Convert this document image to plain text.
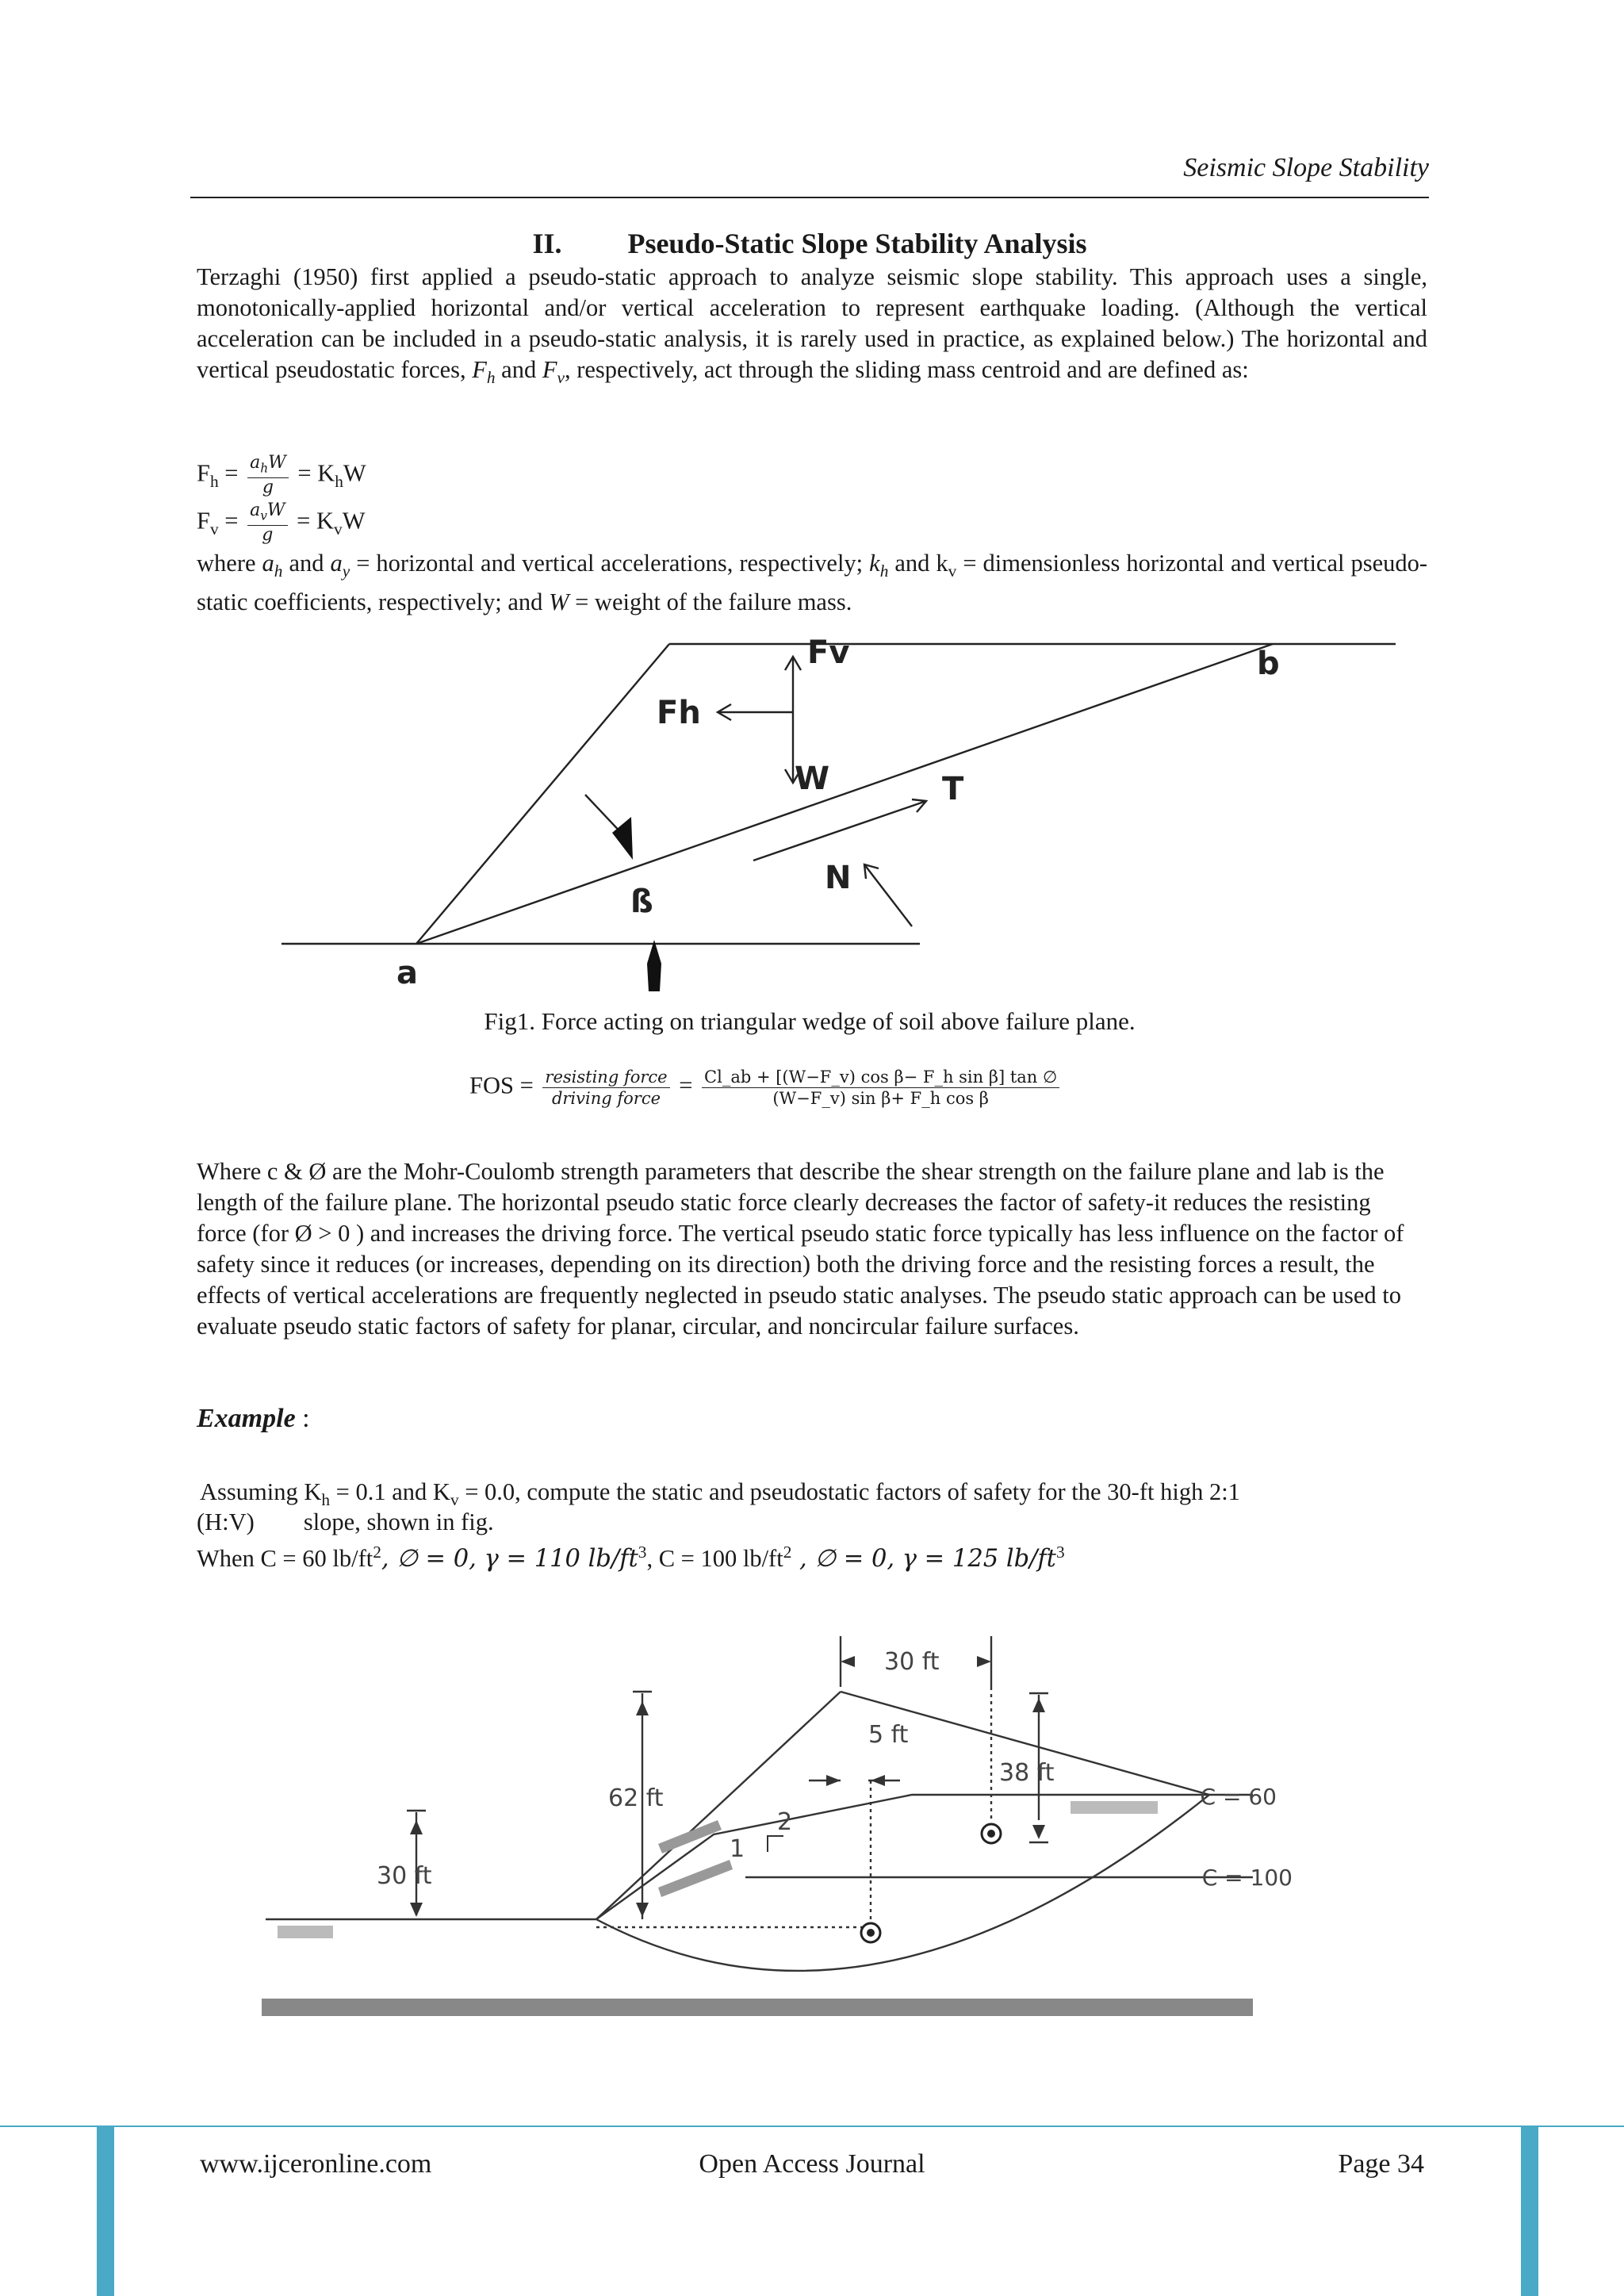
Seismic Slope Stability
II. Pseudo-Static Slope Stability Analysis
Terzaghi (1950) first applied a pseudo-static approach to analyze seismic slope stability. This approach uses a single, monotonically-applied horizontal and/or vertical acceleration to represent earthquake loading. (Although the vertical acceleration can be included in a pseudo-static analysis, it is rarely used in practice, as explained below.) The horizontal and vertical pseudostatic forces, $F_h$ and $F_v$, respectively, act through the sliding mass centroid and are defined as:
$F_h = \frac{a_hW}{g} = K_hW$
$F_v = \frac{a_vW}{g} = K_vW$
where $a_h$ and $a_y$ = horizontal and vertical accelerations, respectively; $k_h$ and $k_v$ = dimensionless horizontal and vertical pseudo-static coefficients, respectively; and W = weight of the failure mass.
Fv
Fh
W	T
N
ß
a
b
Fig1. Force acting on triangular wedge of soil above failure plane.
FOS = $\frac{\text{resisting force}}{\text{driving force}} = \frac{\text{Cl\_ab + [(W−F\_v) cos β− F\_h sin β] tan ∅}}{\text{(W−F\_v) sin β+ F\_h cos β}}$
Where c & Ø are the Mohr-Coulomb strength parameters that describe the shear strength on the failure plane and lab is the length of the failure plane. The horizontal pseudo static force clearly decreases the factor of safety-it reduces the resisting force (for Ø > 0 ) and increases the driving force. The vertical pseudo static force typically has less influence on the factor of safety since it reduces (or increases, depending on its direction) both the driving force and the resisting forces a result, the effects of vertical accelerations are frequently neglected in pseudo static analyses. The pseudo static approach can be used to evaluate pseudo static factors of safety for planar, circular, and noncircular failure surfaces.
Example :
Assuming $K_h = 0.1$ and $K_v = 0.0$, compute the static and pseudostatic factors of safety for the 30-ft high 2:1
(H:V) slope, shown in fig.
When C = 60 $lb/ft^2$, ∅ = 0, γ = 110 $lb/ft^3$, C = 100 $lb/ft^2$ , ∅ = 0, γ = 125 $lb/ft^3$
30 ft
5 ft
62 ft
38 ft
30 ft
1
2
C = 60
C = 100
www.ijceronline.com	Open Access Journal	Page 34
